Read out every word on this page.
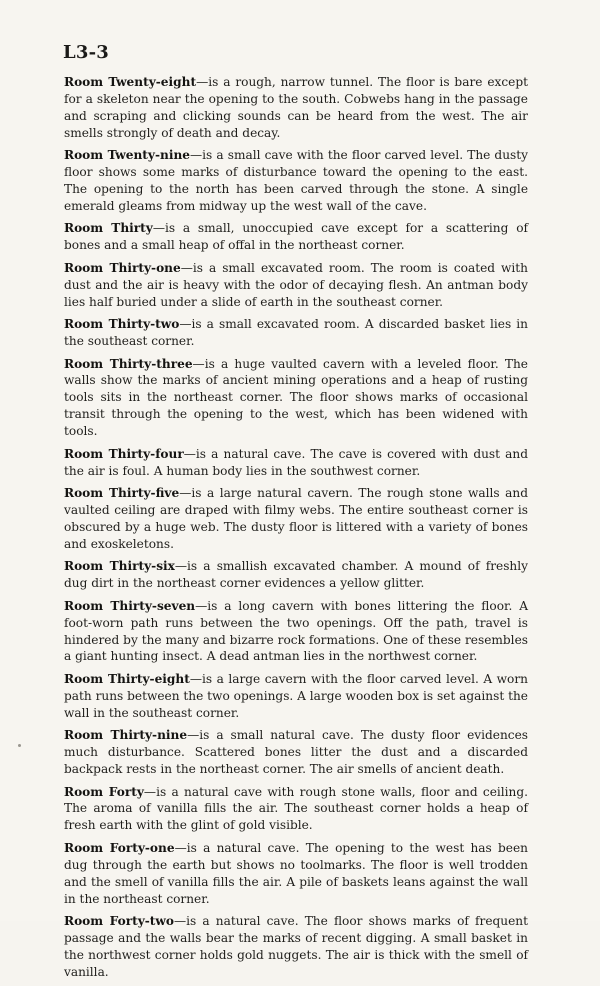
L3-3

Room Twenty-eight—is a rough, narrow tunnel. The floor is bare except for a skeleton near the opening to the south. Cobwebs hang in the passage and scraping and clicking sounds can be heard from the west. The air smells strongly of death and decay.

Room Twenty-nine—is a small cave with the floor carved level. The dusty floor shows some marks of disturbance toward the opening to the east. The opening to the north has been carved through the stone. A single emerald gleams from midway up the west wall of the cave.

Room Thirty—is a small, unoccupied cave except for a scattering of bones and a small heap of offal in the northeast corner.

Room Thirty-one—is a small excavated room. The room is coated with dust and the air is heavy with the odor of decaying flesh. An antman body lies half buried under a slide of earth in the southeast corner.

Room Thirty-two—is a small excavated room. A discarded basket lies in the southeast corner.

Room Thirty-three—is a huge vaulted cavern with a leveled floor. The walls show the marks of ancient mining operations and a heap of rusting tools sits in the northeast corner. The floor shows marks of occasional transit through the opening to the west, which has been widened with tools.

Room Thirty-four—is a natural cave. The cave is covered with dust and the air is foul. A human body lies in the southwest corner.

Room Thirty-five—is a large natural cavern. The rough stone walls and vaulted ceiling are draped with filmy webs. The entire southeast corner is obscured by a huge web. The dusty floor is littered with a variety of bones and exoskeletons.

Room Thirty-six—is a smallish excavated chamber. A mound of freshly dug dirt in the northeast corner evidences a yellow glitter.

Room Thirty-seven—is a long cavern with bones littering the floor. A foot-worn path runs between the two openings. Off the path, travel is hindered by the many and bizarre rock formations. One of these resembles a giant hunting insect. A dead antman lies in the northwest corner.

Room Thirty-eight—is a large cavern with the floor carved level. A worn path runs between the two openings. A large wooden box is set against the wall in the southeast corner.

Room Thirty-nine—is a small natural cave. The dusty floor evidences much disturbance. Scattered bones litter the dust and a discarded backpack rests in the northeast corner. The air smells of ancient death.

Room Forty—is a natural cave with rough stone walls, floor and ceiling. The aroma of vanilla fills the air. The southeast corner holds a heap of fresh earth with the glint of gold visible.

Room Forty-one—is a natural cave. The opening to the west has been dug through the earth but shows no toolmarks. The floor is well trodden and the smell of vanilla fills the air. A pile of baskets leans against the wall in the northeast corner.

Room Forty-two—is a natural cave. The floor shows marks of frequent passage and the walls bear the marks of recent digging. A small basket in the northwest corner holds gold nuggets. The air is thick with the smell of vanilla.
